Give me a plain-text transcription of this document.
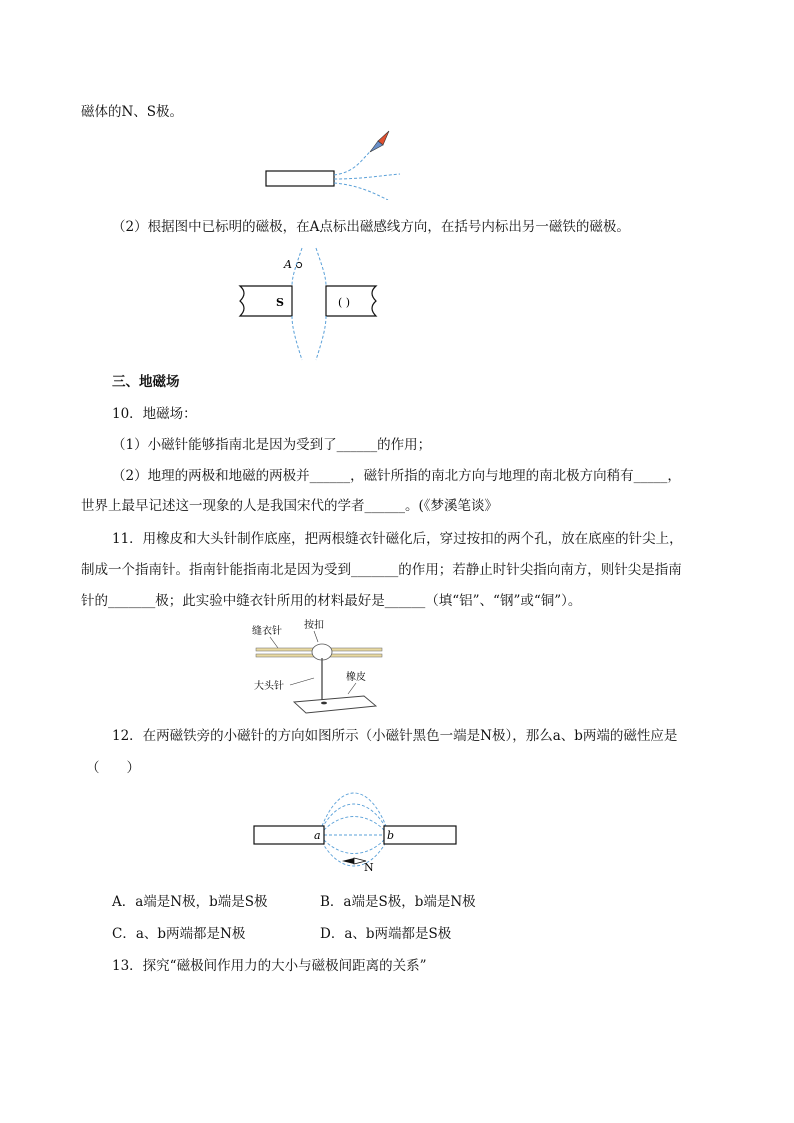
磁体的N、S极。
（2）根据图中已标明的磁极，在A点标出磁感线方向，在括号内标出另一磁铁的磁极。
S	( )
A
三、地磁场
10．地磁场：
（1）小磁针能够指南北是因为受到了______的作用；
（2）地理的两极和地磁的两极并______，磁针所指的南北方向与地理的南北极方向稍有_____，
世界上最早记述这一现象的人是我国宋代的学者______。(《梦溪笔谈》
11．用橡皮和大头针制作底座，把两根缝衣针磁化后，穿过按扣的两个孔，放在底座的针尖上，
制成一个指南针。指南针能指南北是因为受到_______的作用；若静止时针尖指向南方，则针尖是指南
针的_______极；此实验中缝衣针所用的材料最好是______（填“铝”、“钢”或“铜”）。
缝衣针
按扣
大头针
橡皮
12．在两磁铁旁的小磁针的方向如图所示（小磁针黑色一端是N极），那么a、b两端的磁性应是
（　　）
a	b
N
A．a端是N极，b端是S极	B．a端是S极，b端是N极
C．a、b两端都是N极	D．a、b两端都是S极
13．探究“磁极间作用力的大小与磁极间距离的关系”
